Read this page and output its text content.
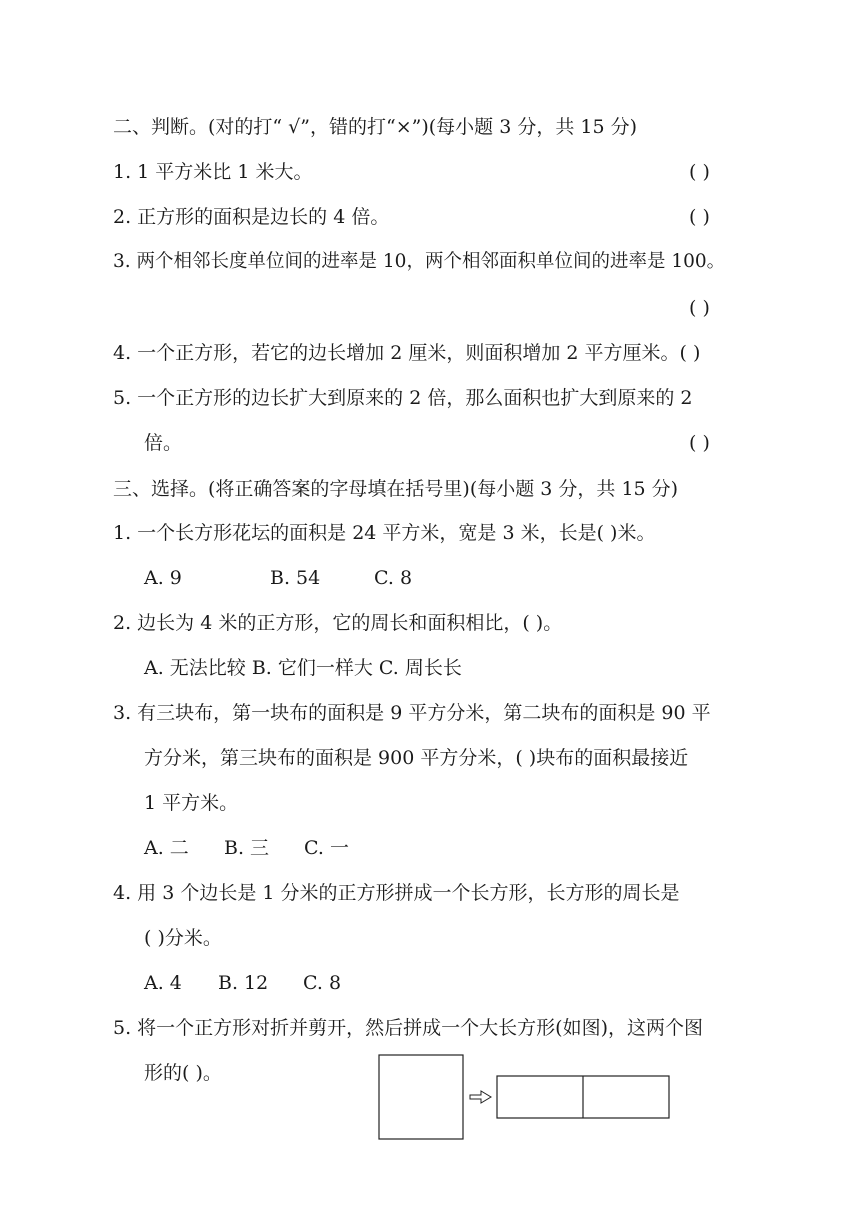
二、判断。(对的打“ √”，错的打“×”)(每小题 3 分，共 15 分)
1. 1 平方米比 1 米大。	( )
2. 正方形的面积是边长的 4 倍。	( )
3. 两个相邻长度单位间的进率是 10，两个相邻面积单位间的进率是 100。
( )
4. 一个正方形，若它的边长增加 2 厘米，则面积增加 2 平方厘米。( )
5. 一个正方形的边长扩大到原来的 2 倍，那么面积也扩大到原来的 2
倍。	( )
三、选择。(将正确答案的字母填在括号里)(每小题 3 分，共 15 分)
1. 一个长方形花坛的面积是 24 平方米，宽是 3 米，长是( )米。
A. 9	B. 54	C. 8
2. 边长为 4 米的正方形，它的周长和面积相比，( )。
A. 无法比较 B. 它们一样大 C. 周长长
3. 有三块布，第一块布的面积是 9 平方分米，第二块布的面积是 90 平
方分米，第三块布的面积是 900 平方分米，( )块布的面积最接近
1 平方米。
A. 二 B. 三 C. 一
4. 用 3 个边长是 1 分米的正方形拼成一个长方形，长方形的周长是
( )分米。
A. 4 B. 12 C. 8
5. 将一个正方形对折并剪开，然后拼成一个大长方形(如图)，这两个图
形的( )。
